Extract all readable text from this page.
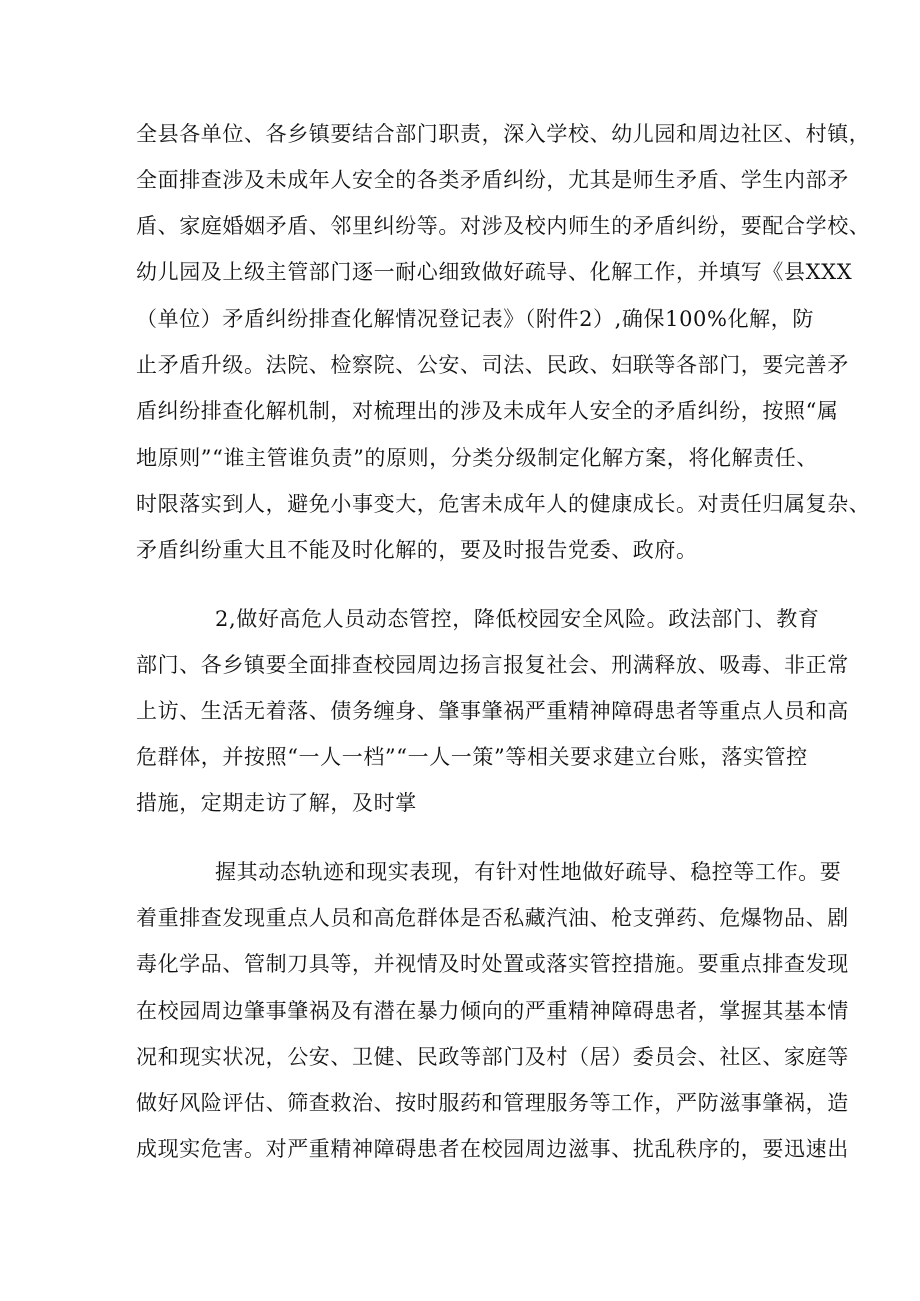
全县各单位、各乡镇要结合部门职责，深入学校、幼儿园和周边社区、村镇，
全面排查涉及未成年人安全的各类矛盾纠纷，尤其是师生矛盾、学生内部矛
盾、家庭婚姻矛盾、邻里纠纷等。对涉及校内师生的矛盾纠纷，要配合学校、
幼儿园及上级主管部门逐一耐心细致做好疏导、化解工作，并填写《县XXX
（单位）矛盾纠纷排查化解情况登记表》（附件2）,确保100%化解，防
止矛盾升级。法院、检察院、公安、司法、民政、妇联等各部门，要完善矛
盾纠纷排查化解机制，对梳理出的涉及未成年人安全的矛盾纠纷，按照“属
地原则”“谁主管谁负责”的原则，分类分级制定化解方案，将化解责任、
时限落实到人，避免小事变大，危害未成年人的健康成长。对责任归属复杂、
矛盾纠纷重大且不能及时化解的，要及时报告党委、政府。
2,做好高危人员动态管控，降低校园安全风险。政法部门、教育
部门、各乡镇要全面排查校园周边扬言报复社会、刑满释放、吸毒、非正常
上访、生活无着落、债务缠身、肇事肇祸严重精神障碍患者等重点人员和高
危群体，并按照“一人一档”“一人一策”等相关要求建立台账，落实管控
措施，定期走访了解，及时掌
握其动态轨迹和现实表现，有针对性地做好疏导、稳控等工作。要
着重排查发现重点人员和高危群体是否私藏汽油、枪支弹药、危爆物品、剧
毒化学品、管制刀具等，并视情及时处置或落实管控措施。要重点排查发现
在校园周边肇事肇祸及有潜在暴力倾向的严重精神障碍患者，掌握其基本情
况和现实状况，公安、卫健、民政等部门及村（居）委员会、社区、家庭等
做好风险评估、筛查救治、按时服药和管理服务等工作，严防滋事肇祸，造
成现实危害。对严重精神障碍患者在校园周边滋事、扰乱秩序的，要迅速出
